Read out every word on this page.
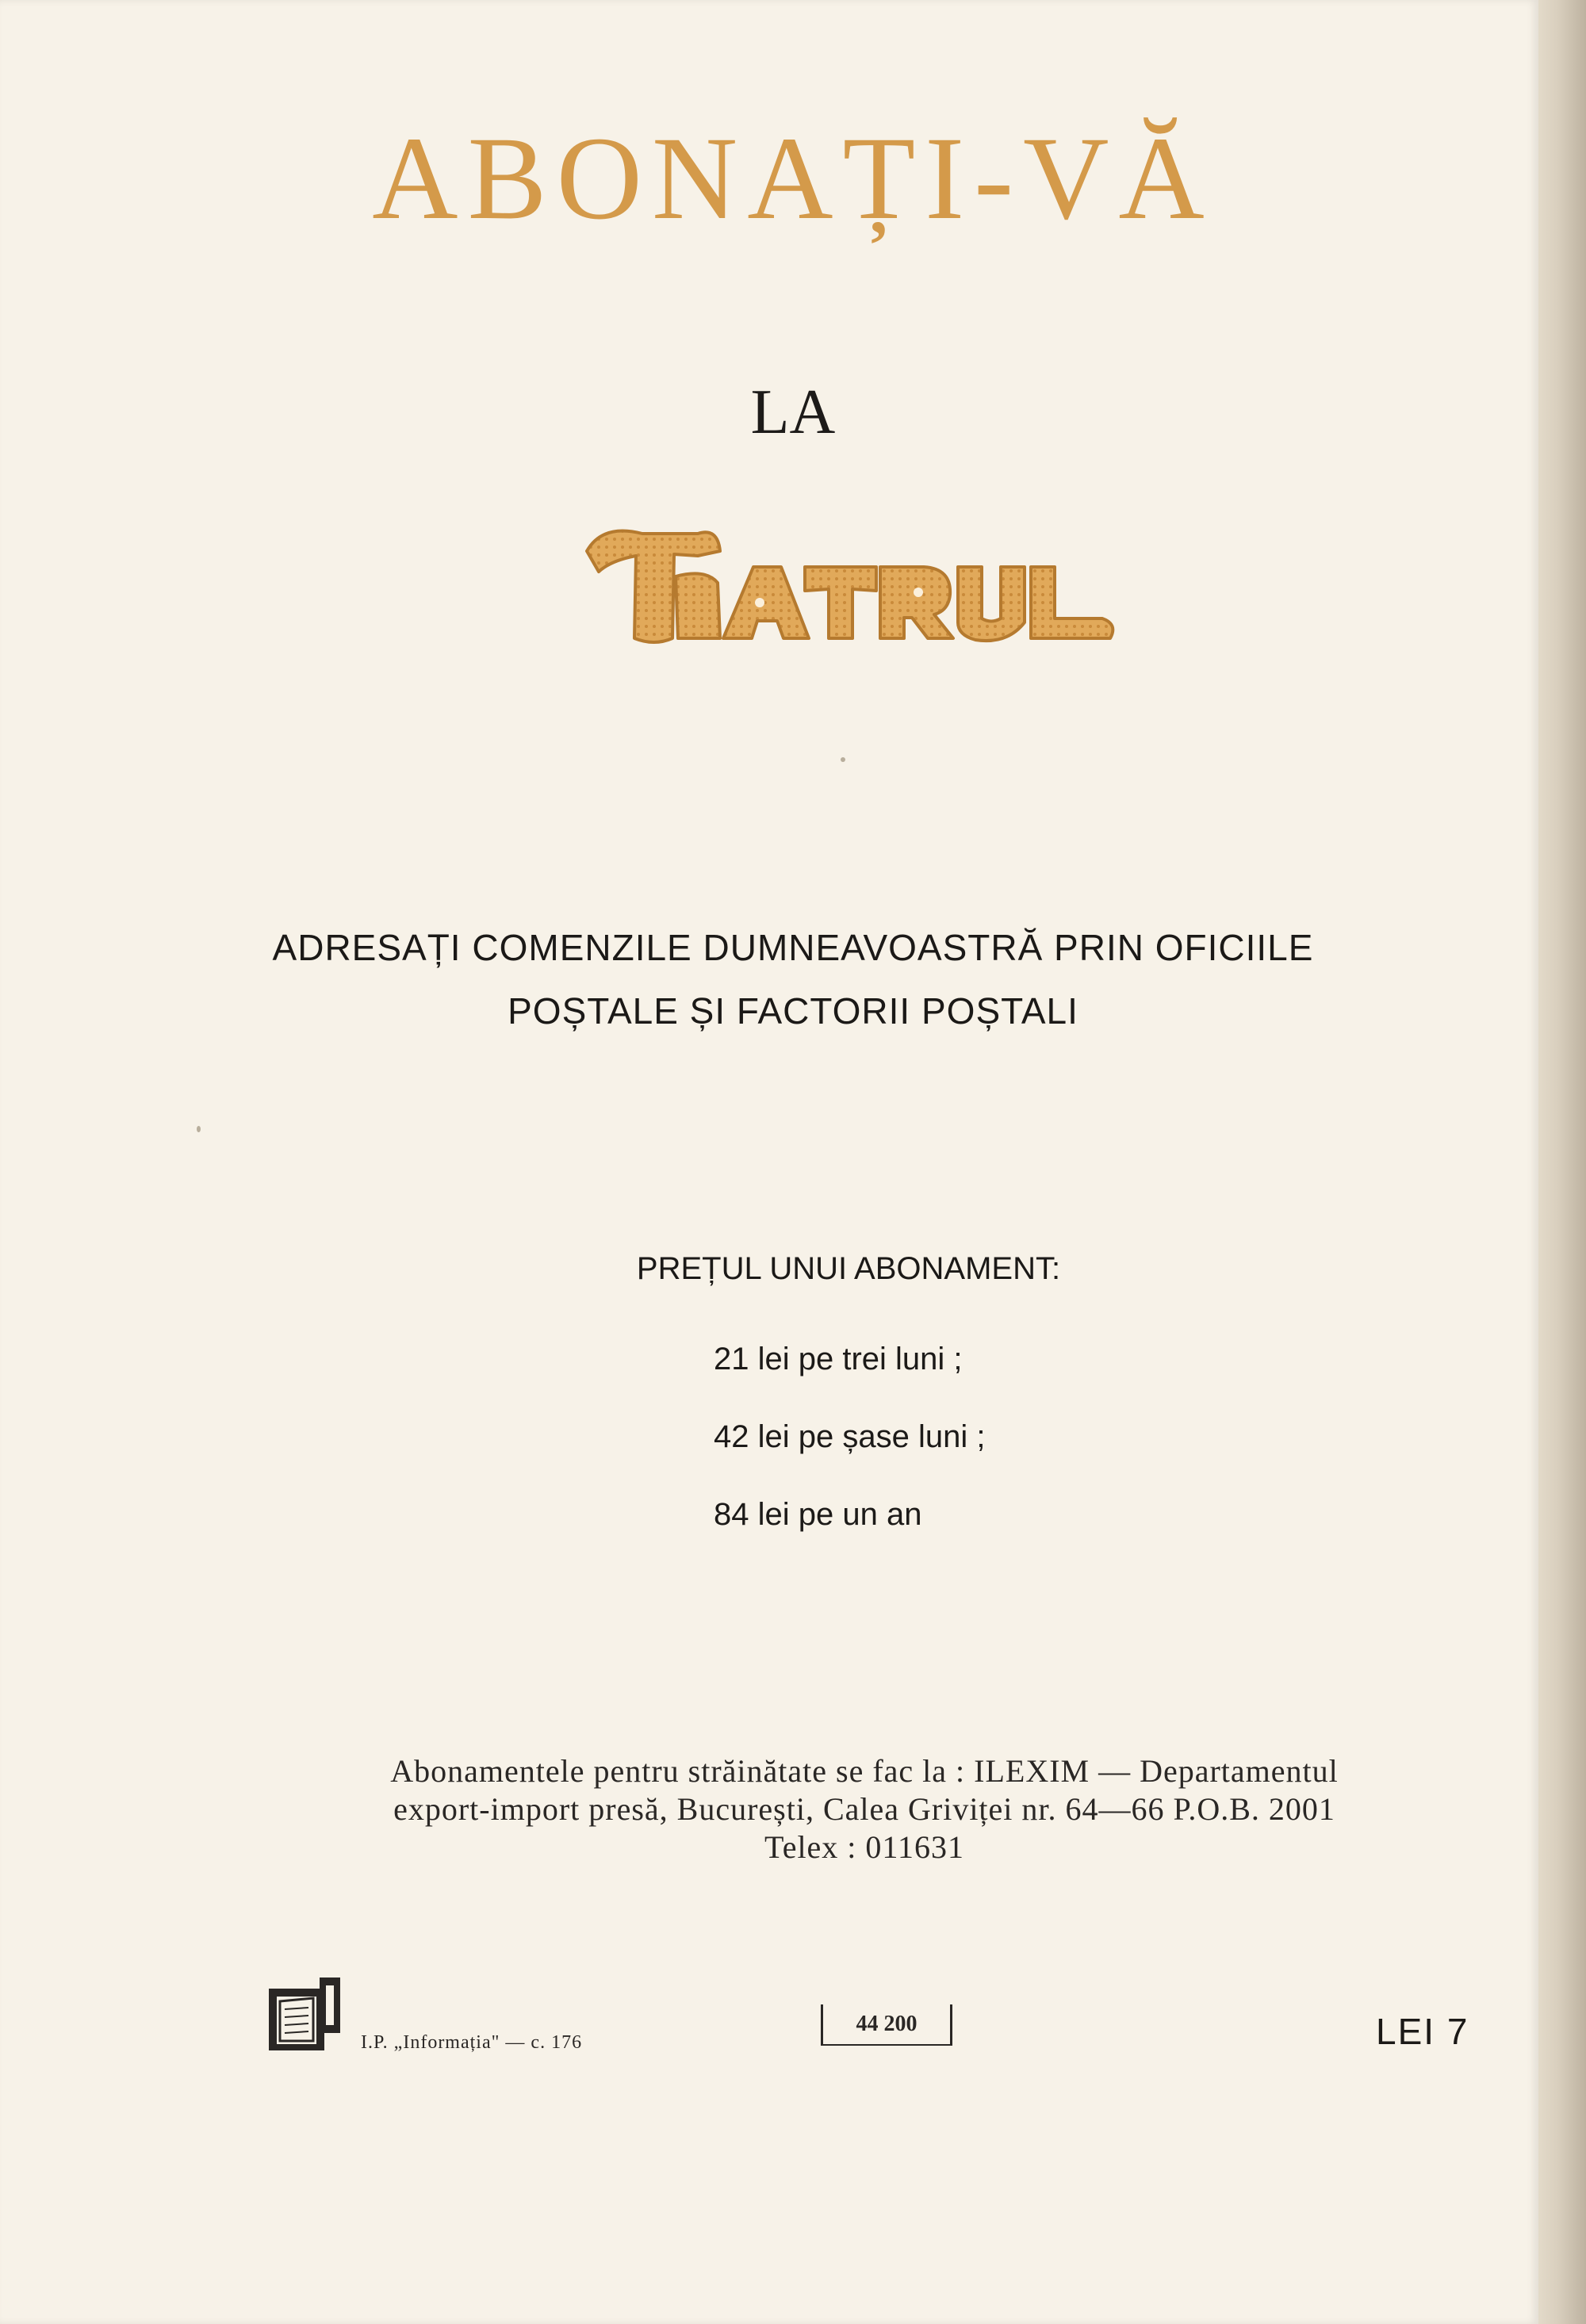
ABONAȚI-VĂ
LA
ADRESAȚI COMENZILE DUMNEAVOASTRĂ PRIN OFICIILE
POȘTALE ȘI FACTORII POȘTALI
PREȚUL UNUI ABONAMENT:
21 lei pe trei luni ;
42 lei pe șase luni ;
84 lei pe un an
Abonamentele pentru străinătate se fac la : ILEXIM — Departamentul
export-import presă, București, Calea Griviței nr. 64—66 P.O.B. 2001
Telex : 011631
I.P. „Informația" — c. 176
44 200	LEI 7
